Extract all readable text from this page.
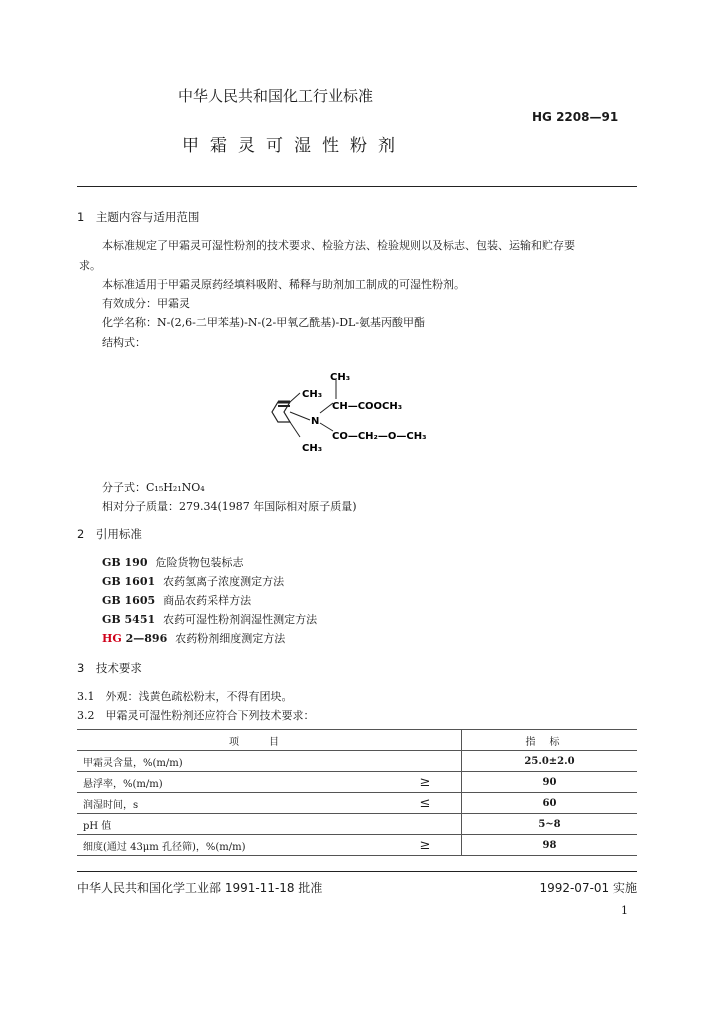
中华人民共和国化工行业标准
HG 2208—91
甲霜灵可湿性粉剂
1　主题内容与适用范围
本标准规定了甲霜灵可湿性粉剂的技术要求、检验方法、检验规则以及标志、包装、运输和贮存要
求。
本标准适用于甲霜灵原药经填料吸附、稀释与助剂加工制成的可湿性粉剂。
有效成分：甲霜灵
化学名称：N-(2,6-二甲苯基)-N-(2-甲氧乙酰基)-DL-氨基丙酸甲酯
结构式：
CH₃
CH₃
CH—COOCH₃
N
CO—CH₂—O—CH₃
CH₃
分子式：C₁₅H₂₁NO₄
相对分子质量：279.34(1987 年国际相对原子质量)
2　引用标准
GB 190 危险货物包装标志
GB 1601 农药氢离子浓度测定方法
GB 1605 商品农药采样方法
GB 5451 农药可湿性粉剂润湿性测定方法
HG 2—896 农药粉剂细度测定方法
3　技术要求
3.1　外观：浅黄色疏松粉末，不得有团块。
3.2　甲霜灵可湿性粉剂还应符合下列技术要求：
项目		指标
甲霜灵含量，%(m/m)		25.0±2.0
悬浮率，%(m/m)	≥	90
润湿时间，s	≤	60
pH 值		5~8
细度(通过 43μm 孔径筛)，%(m/m)	≥	98
中华人民共和国化学工业部 1991-11-18 批准	1992-07-01 实施
1
